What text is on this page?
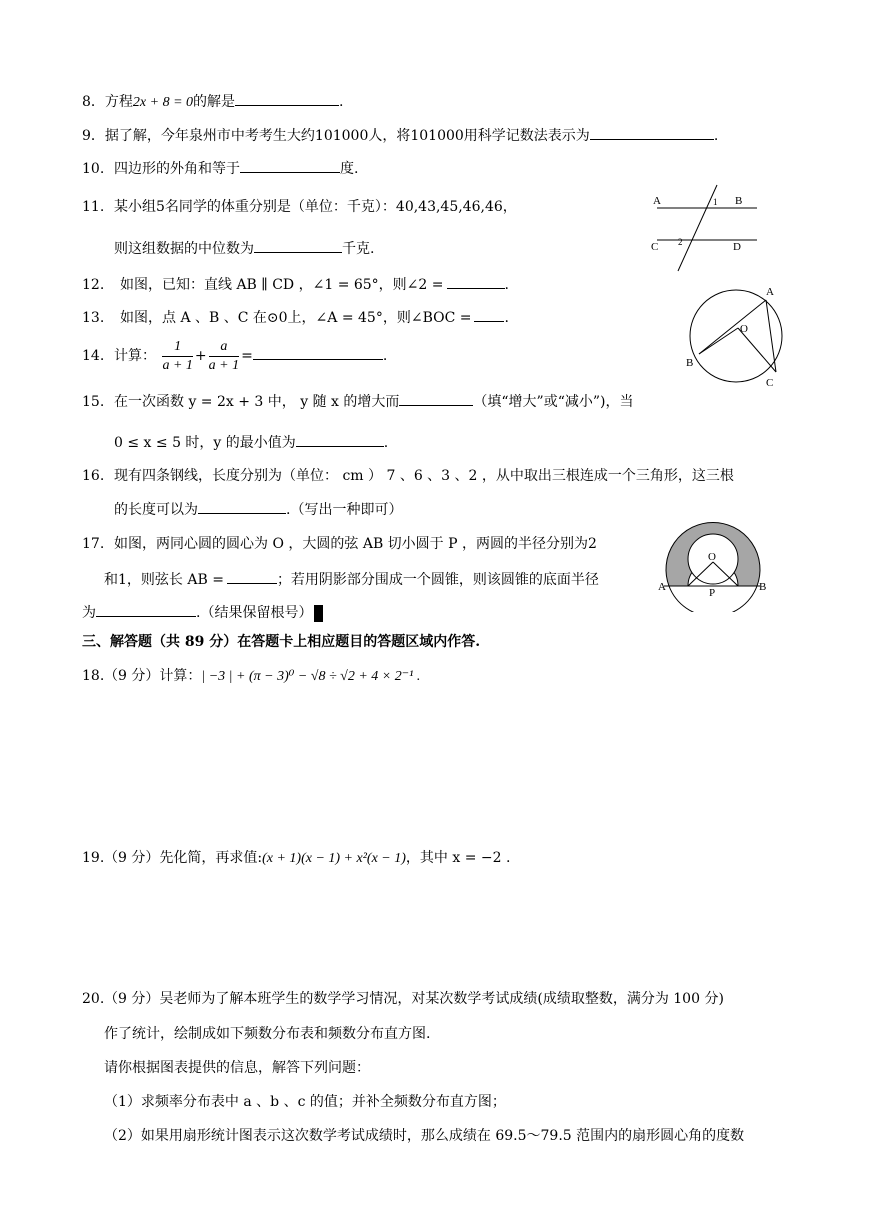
8．方程2x + 8 = 0的解是	.
9．据了解，今年泉州市中考考生大约101000人，将101000用科学记数法表示为	.
10. 四边形的外角和等于	度.
11. 某小组5名同学的体重分别是（单位：千克）：40,43,45,46,46，
则这组数据的中位数为	千克.
A	B
C	D
1
2
12. 如图，已知：直线 AB ∥ CD ，∠1 = 65°，则∠2 =	.
13. 如图，点 A 、B 、C 在⊙0上，∠A = 45°，则∠BOC = .
A
B
C
O
14. 计算： $\frac{1}{a + 1} + \frac{a}{a + 1}$ =	.
15. 在一次函数 y = 2x + 3 中， y 随 x 的增大而	（填“增大”或“减小”)，当
0 ≤ x ≤ 5 时，y 的最小值为	.
16. 现有四条钢线，长度分别为（单位： cm ） 7 、6 、3 、2 ，从中取出三根连成一个三角形，这三根
的长度可以为	.（写出一种即可）
17. 如图，两同心圆的圆心为 O ，大圆的弦 AB 切小圆于 P ，两圆的半径分别为2
和1，则弦长 AB =	；若用阴影部分围成一个圆锥，则该圆锥的底面半径
为	.（结果保留根号）
O
P
A	B
三、解答题（共 89 分）在答题卡上相应题目的答题区域内作答.
18.（9 分）计算：| −3 | + (π − 3)⁰ − √8 ÷ √2 + 4 × 2⁻¹ .
19.（9 分）先化简，再求值:(x + 1)(x − 1) + x²(x − 1)，其中 x = −2 .
20.（9 分）吴老师为了解本班学生的数学学习情况，对某次数学考试成绩(成绩取整数，满分为 100 分)
作了统计，绘制成如下频数分布表和频数分布直方图.
请你根据图表提供的信息，解答下列问题：
（1）求频率分布表中 a 、b 、c 的值；并补全频数分布直方图；
（2）如果用扇形统计图表示这次数学考试成绩时，那么成绩在 69.5～79.5 范围内的扇形圆心角的度数
